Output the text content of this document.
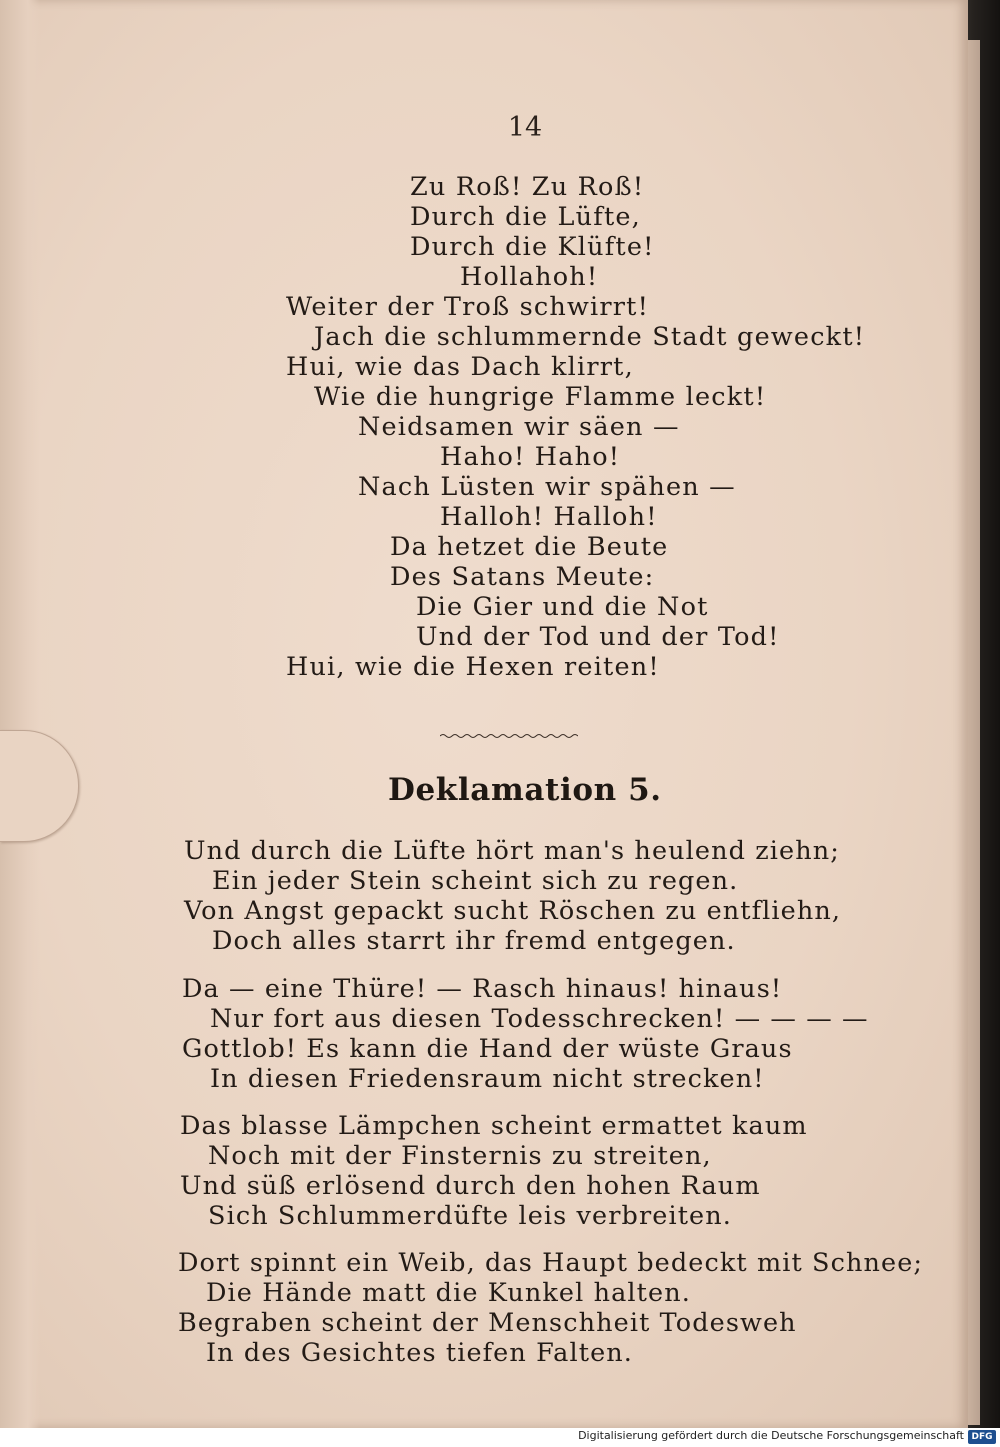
14
Zu Roß! Zu Roß!
Durch die Lüfte,
Durch die Klüfte!
Hollahoh!
Weiter der Troß schwirrt!
Jach die schlummernde Stadt geweckt!
Hui, wie das Dach klirrt,
Wie die hungrige Flamme leckt!
Neidsamen wir säen —
Haho! Haho!
Nach Lüsten wir spähen —
Halloh! Halloh!
Da hetzet die Beute
Des Satans Meute:
Die Gier und die Not
Und der Tod und der Tod!
Hui, wie die Hexen reiten!
Deklamation 5.
Und durch die Lüfte hört man's heulend ziehn;
Ein jeder Stein scheint sich zu regen.
Von Angst gepackt sucht Röschen zu entfliehn,
Doch alles starrt ihr fremd entgegen.
Da — eine Thüre! — Rasch hinaus! hinaus!
Nur fort aus diesen Todesschrecken! — — — —
Gottlob! Es kann die Hand der wüste Graus
In diesen Friedensraum nicht strecken!
Das blasse Lämpchen scheint ermattet kaum
Noch mit der Finsternis zu streiten,
Und süß erlösend durch den hohen Raum
Sich Schlummerdüfte leis verbreiten.
Dort spinnt ein Weib, das Haupt bedeckt mit Schnee;
Die Hände matt die Kunkel halten.
Begraben scheint der Menschheit Todesweh
In des Gesichtes tiefen Falten.
Digitalisierung gefördert durch die Deutsche Forschungsgemeinschaft DFG
